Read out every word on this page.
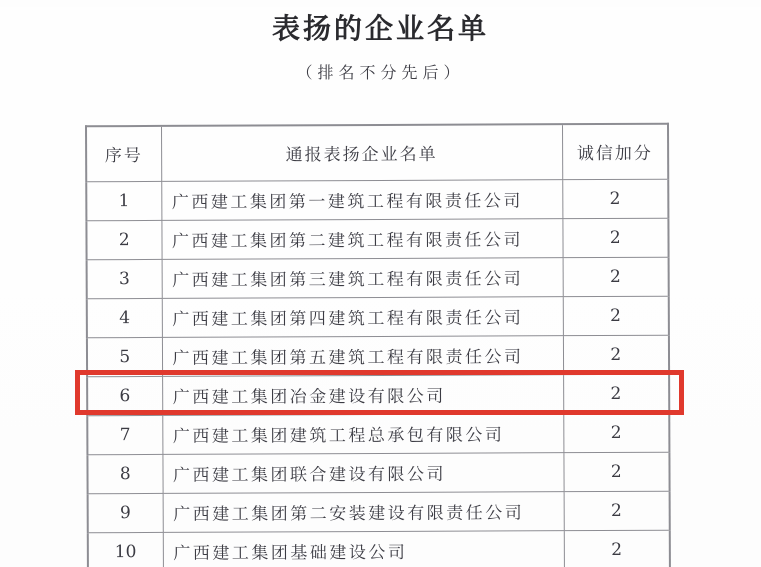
表扬的企业名单
（排名不分先后）
序号	通报表扬企业名单	诚信加分
1	广西建工集团第一建筑工程有限责任公司	2
2	广西建工集团第二建筑工程有限责任公司	2
3	广西建工集团第三建筑工程有限责任公司	2
4	广西建工集团第四建筑工程有限责任公司	2
5	广西建工集团第五建筑工程有限责任公司	2
6	广西建工集团冶金建设有限公司	2
7	广西建工集团建筑工程总承包有限公司	2
8	广西建工集团联合建设有限公司	2
9	广西建工集团第二安装建设有限责任公司	2
10	广西建工集团基础建设公司	2
